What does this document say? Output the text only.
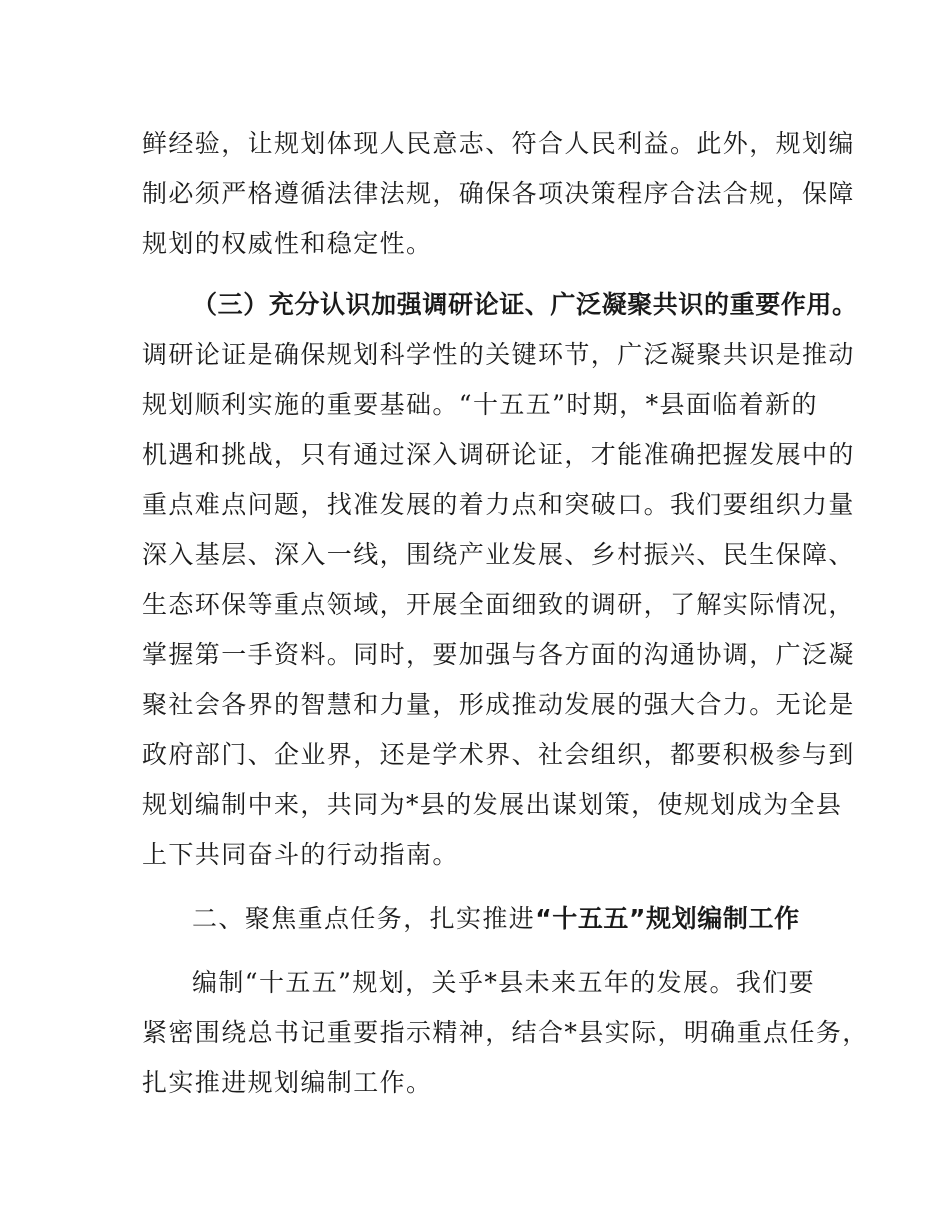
鲜经验，让规划体现人民意志、符合人民利益。此外，规划编
制必须严格遵循法律法规，确保各项决策程序合法合规，保障
规划的权威性和稳定性。
（三）充分认识加强调研论证、广泛凝聚共识的重要作用。
调研论证是确保规划科学性的关键环节，广泛凝聚共识是推动
规划顺利实施的重要基础。“十五五”时期，*县面临着新的
机遇和挑战，只有通过深入调研论证，才能准确把握发展中的
重点难点问题，找准发展的着力点和突破口。我们要组织力量
深入基层、深入一线，围绕产业发展、乡村振兴、民生保障、
生态环保等重点领域，开展全面细致的调研，了解实际情况，
掌握第一手资料。同时，要加强与各方面的沟通协调，广泛凝
聚社会各界的智慧和力量，形成推动发展的强大合力。无论是
政府部门、企业界，还是学术界、社会组织，都要积极参与到
规划编制中来，共同为*县的发展出谋划策，使规划成为全县
上下共同奋斗的行动指南。
二、聚焦重点任务，扎实推进“十五五”规划编制工作
编制“十五五”规划，关乎*县未来五年的发展。我们要
紧密围绕总书记重要指示精神，结合*县实际，明确重点任务，
扎实推进规划编制工作。
